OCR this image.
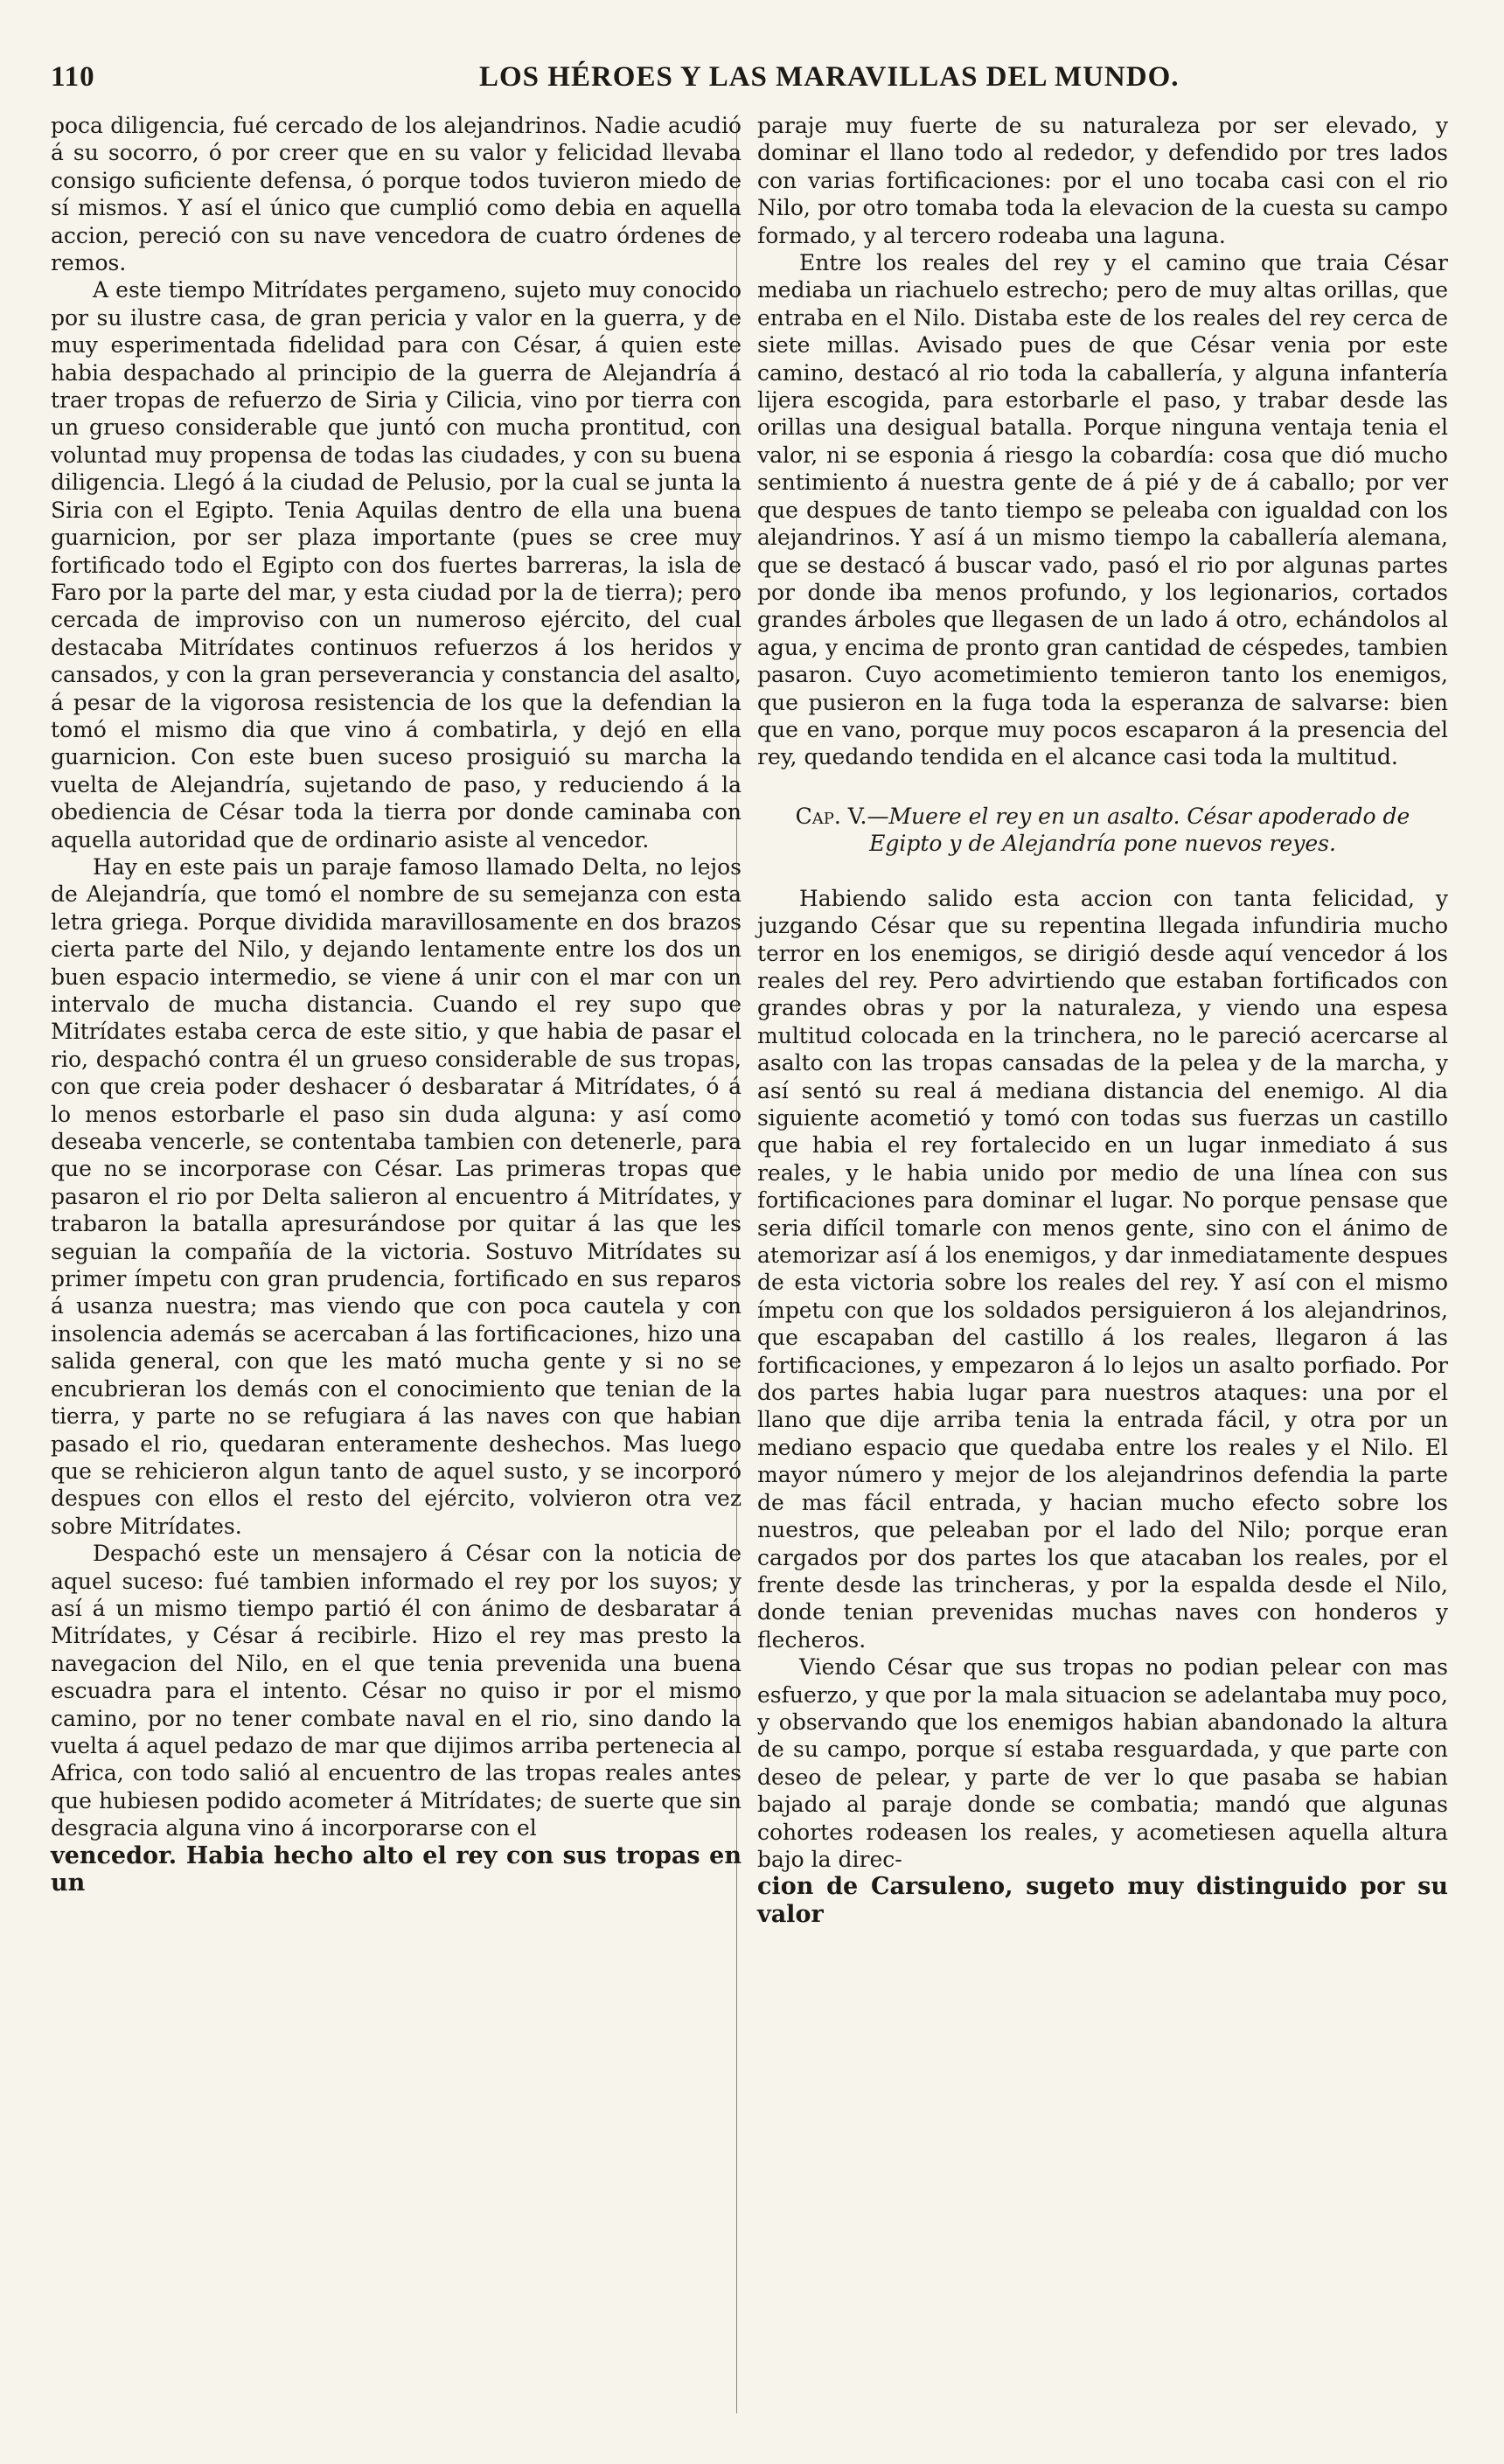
110	LOS HÉROES Y LAS MARAVILLAS DEL MUNDO.

poca diligencia, fué cercado de los alejandrinos. Nadie acudió á su socorro, ó por creer que en su valor y felicidad llevaba consigo suficiente defensa, ó porque todos tuvieron miedo de sí mismos. Y así el único que cumplió como debia en aquella accion, pereció con su nave vencedora de cuatro órdenes de remos.

A este tiempo Mitrídates pergameno, sujeto muy conocido por su ilustre casa, de gran pericia y valor en la guerra, y de muy esperimentada fidelidad para con César, á quien este habia despachado al principio de la guerra de Alejandría á traer tropas de refuerzo de Siria y Cilicia, vino por tierra con un grueso considerable que juntó con mucha prontitud, con voluntad muy propensa de todas las ciudades, y con su buena diligencia. Llegó á la ciudad de Pelusio, por la cual se junta la Siria con el Egipto. Tenia Aquilas dentro de ella una buena guarnicion, por ser plaza importante (pues se cree muy fortificado todo el Egipto con dos fuertes barreras, la isla de Faro por la parte del mar, y esta ciudad por la de tierra); pero cercada de improviso con un numeroso ejército, del cual destacaba Mitrídates continuos refuerzos á los heridos y cansados, y con la gran perseverancia y constancia del asalto, á pesar de la vigorosa resistencia de los que la defendian la tomó el mismo dia que vino á combatirla, y dejó en ella guarnicion. Con este buen suceso prosiguió su marcha la vuelta de Alejandría, sujetando de paso, y reduciendo á la obediencia de César toda la tierra por donde caminaba con aquella autoridad que de ordinario asiste al vencedor.

Hay en este pais un paraje famoso llamado Delta, no lejos de Alejandría, que tomó el nombre de su semejanza con esta letra griega. Porque dividida maravillosamente en dos brazos cierta parte del Nilo, y dejando lentamente entre los dos un buen espacio intermedio, se viene á unir con el mar con un intervalo de mucha distancia. Cuando el rey supo que Mitrídates estaba cerca de este sitio, y que habia de pasar el rio, despachó contra él un grueso considerable de sus tropas, con que creia poder deshacer ó desbaratar á Mitrídates, ó á lo menos estorbarle el paso sin duda alguna: y así como deseaba vencerle, se contentaba tambien con detenerle, para que no se incorporase con César. Las primeras tropas que pasaron el rio por Delta salieron al encuentro á Mitrídates, y trabaron la batalla apresurándose por quitar á las que les seguian la compañía de la victoria. Sostuvo Mitrídates su primer ímpetu con gran prudencia, fortificado en sus reparos á usanza nuestra; mas viendo que con poca cautela y con insolencia además se acercaban á las fortificaciones, hizo una salida general, con que les mató mucha gente y si no se encubrieran los demás con el conocimiento que tenian de la tierra, y parte no se refugiara á las naves con que habian pasado el rio, quedaran enteramente deshechos. Mas luego que se rehicieron algun tanto de aquel susto, y se incorporó despues con ellos el resto del ejército, volvieron otra vez sobre Mitrídates.

Despachó este un mensajero á César con la noticia de aquel suceso: fué tambien informado el rey por los suyos; y así á un mismo tiempo partió él con ánimo de desbaratar á Mitrídates, y César á recibirle. Hizo el rey mas presto la navegacion del Nilo, en el que tenia prevenida una buena escuadra para el intento. César no quiso ir por el mismo camino, por no tener combate naval en el rio, sino dando la vuelta á aquel pedazo de mar que dijimos arriba pertenecia al Africa, con todo salió al encuentro de las tropas reales antes que hubiesen podido acometer á Mitrídates; de suerte que sin desgracia alguna vino á incorporarse con el

vencedor. Habia hecho alto el rey con sus tropas en un

paraje muy fuerte de su naturaleza por ser elevado, y dominar el llano todo al rededor, y defendido por tres lados con varias fortificaciones: por el uno tocaba casi con el rio Nilo, por otro tomaba toda la elevacion de la cuesta su campo formado, y al tercero rodeaba una laguna.

Entre los reales del rey y el camino que traia César mediaba un riachuelo estrecho; pero de muy altas orillas, que entraba en el Nilo. Distaba este de los reales del rey cerca de siete millas. Avisado pues de que César venia por este camino, destacó al rio toda la caballería, y alguna infantería lijera escogida, para estorbarle el paso, y trabar desde las orillas una desigual batalla. Porque ninguna ventaja tenia el valor, ni se esponia á riesgo la cobardía: cosa que dió mucho sentimiento á nuestra gente de á pié y de á caballo; por ver que despues de tanto tiempo se peleaba con igualdad con los alejandrinos. Y así á un mismo tiempo la caballería alemana, que se destacó á buscar vado, pasó el rio por algunas partes por donde iba menos profundo, y los legionarios, cortados grandes árboles que llegasen de un lado á otro, echándolos al agua, y encima de pronto gran cantidad de céspedes, tambien pasaron. Cuyo acometimiento temieron tanto los enemigos, que pusieron en la fuga toda la esperanza de salvarse: bien que en vano, porque muy pocos escaparon á la presencia del rey, quedando tendida en el alcance casi toda la multitud.

Cap. V.—Muere el rey en un asalto. César apoderado de Egipto y de Alejandría pone nuevos reyes.

Habiendo salido esta accion con tanta felicidad, y juzgando César que su repentina llegada infundiria mucho terror en los enemigos, se dirigió desde aquí vencedor á los reales del rey. Pero advirtiendo que estaban fortificados con grandes obras y por la naturaleza, y viendo una espesa multitud colocada en la trinchera, no le pareció acercarse al asalto con las tropas cansadas de la pelea y de la marcha, y así sentó su real á mediana distancia del enemigo. Al dia siguiente acometió y tomó con todas sus fuerzas un castillo que habia el rey fortalecido en un lugar inmediato á sus reales, y le habia unido por medio de una línea con sus fortificaciones para dominar el lugar. No porque pensase que seria difícil tomarle con menos gente, sino con el ánimo de atemorizar así á los enemigos, y dar inmediatamente despues de esta victoria sobre los reales del rey. Y así con el mismo ímpetu con que los soldados persiguieron á los alejandrinos, que escapaban del castillo á los reales, llegaron á las fortificaciones, y empezaron á lo lejos un asalto porfiado. Por dos partes habia lugar para nuestros ataques: una por el llano que dije arriba tenia la entrada fácil, y otra por un mediano espacio que quedaba entre los reales y el Nilo. El mayor número y mejor de los alejandrinos defendia la parte de mas fácil entrada, y hacian mucho efecto sobre los nuestros, que peleaban por el lado del Nilo; porque eran cargados por dos partes los que atacaban los reales, por el frente desde las trincheras, y por la espalda desde el Nilo, donde tenian prevenidas muchas naves con honderos y flecheros.

Viendo César que sus tropas no podian pelear con mas esfuerzo, y que por la mala situacion se adelantaba muy poco, y observando que los enemigos habian abandonado la altura de su campo, porque sí estaba resguardada, y que parte con deseo de pelear, y parte de ver lo que pasaba se habian bajado al paraje donde se combatia; mandó que algunas cohortes rodeasen los reales, y acometiesen aquella altura bajo la direc-

cion de Carsuleno, sugeto muy distinguido por su valor
